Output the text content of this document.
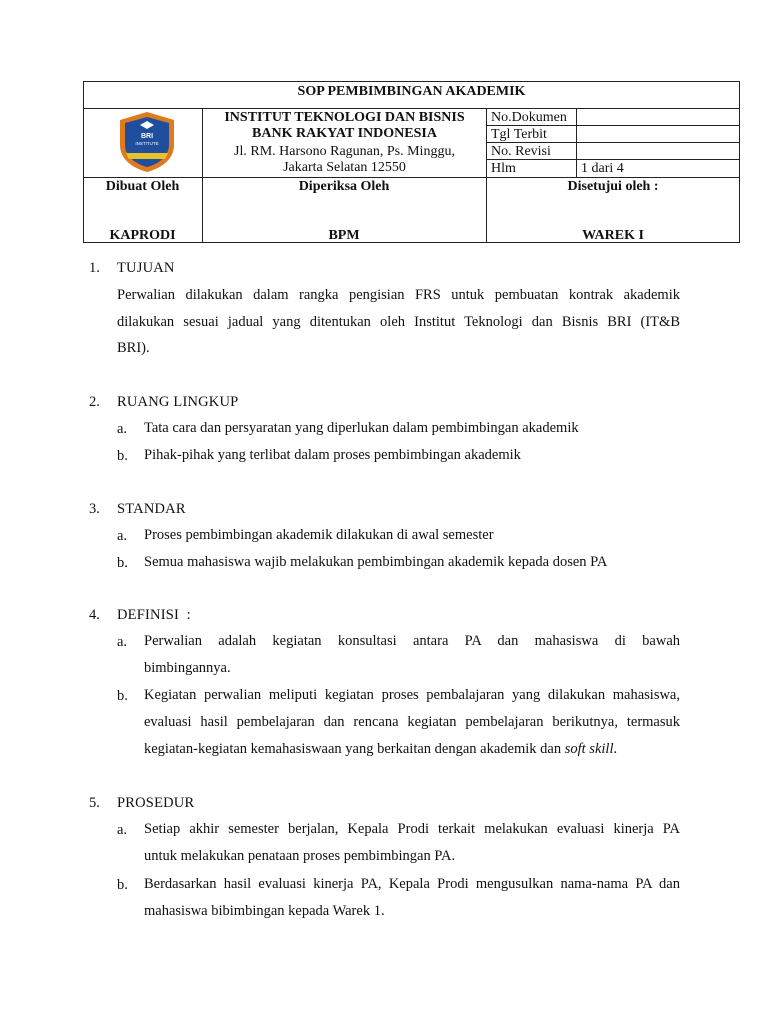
SOP PEMBIMBINGAN AKADEMIK
BRI
INSTITUTE
INSTITUT TEKNOLOGI DAN BISNIS
BANK RAKYAT INDONESIA
Jl. RM. Harsono Ragunan, Ps. Minggu,
Jakarta Selatan 12550
No.Dokumen
Tgl Terbit
No. Revisi
Hlm	1 dari 4
Dibuat Oleh	Diperiksa Oleh	Disetujui oleh :
KAPRODI	BPM	WAREK I
1. TUJUAN
Perwalian dilakukan dalam rangka pengisian FRS untuk pembuatan kontrak akademik
dilakukan sesuai jadual yang ditentukan oleh Institut Teknologi dan Bisnis BRI (IT&B
BRI).
2. RUANG LINGKUP
a. Tata cara dan persyaratan yang diperlukan dalam pembimbingan akademik
b. Pihak-pihak yang terlibat dalam proses pembimbingan akademik
3. STANDAR
a. Proses pembimbingan akademik dilakukan di awal semester
b. Semua mahasiswa wajib melakukan pembimbingan akademik kepada dosen PA
4. DEFINISI  :
a. Perwalian adalah kegiatan konsultasi antara PA dan mahasiswa di bawah
bimbingannya.
b. Kegiatan perwalian meliputi kegiatan proses pembalajaran yang dilakukan mahasiswa,
evaluasi hasil pembelajaran dan rencana kegiatan pembelajaran berikutnya, termasuk
kegiatan-kegiatan kemahasiswaan yang berkaitan dengan akademik dan soft skill.
5. PROSEDUR
a. Setiap akhir semester berjalan, Kepala Prodi terkait melakukan evaluasi kinerja PA
untuk melakukan penataan proses pembimbingan PA.
b. Berdasarkan hasil evaluasi kinerja PA, Kepala Prodi mengusulkan nama-nama PA dan
mahasiswa bibimbingan kepada Warek 1.
